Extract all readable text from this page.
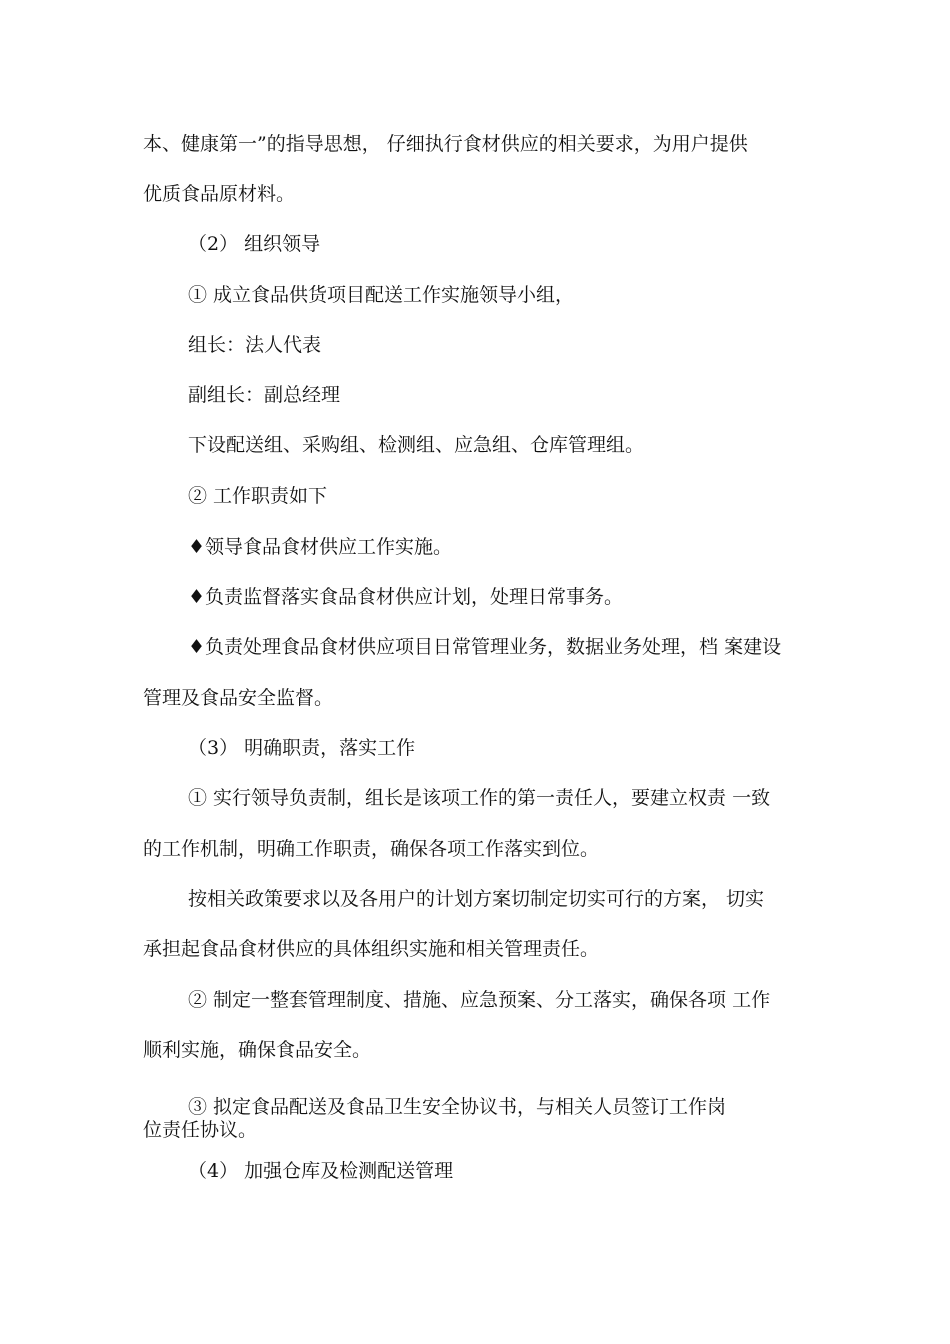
本、健康第一”的指导思想， 仔细执行食材供应的相关要求，为用户提供
优质食品原材料。
（2） 组织领导
① 成立食品供货项目配送工作实施领导小组，
组长：法人代表
副组长：副总经理
下设配送组、采购组、检测组、应急组、仓库管理组。
② 工作职责如下
♦领导食品食材供应工作实施。
♦负责监督落实食品食材供应计划，处理日常事务。
♦负责处理食品食材供应项目日常管理业务，数据业务处理，档 案建设
管理及食品安全监督。
（3） 明确职责，落实工作
① 实行领导负责制，组长是该项工作的第一责任人，要建立权责 一致
的工作机制，明确工作职责，确保各项工作落实到位。
按相关政策要求以及各用户的计划方案切制定切实可行的方案， 切实
承担起食品食材供应的具体组织实施和相关管理责任。
② 制定一整套管理制度、措施、应急预案、分工落实，确保各项 工作
顺利实施，确保食品安全。
③ 拟定食品配送及食品卫生安全协议书，与相关人员签订工作岗
位责任协议。
（4） 加强仓库及检测配送管理
